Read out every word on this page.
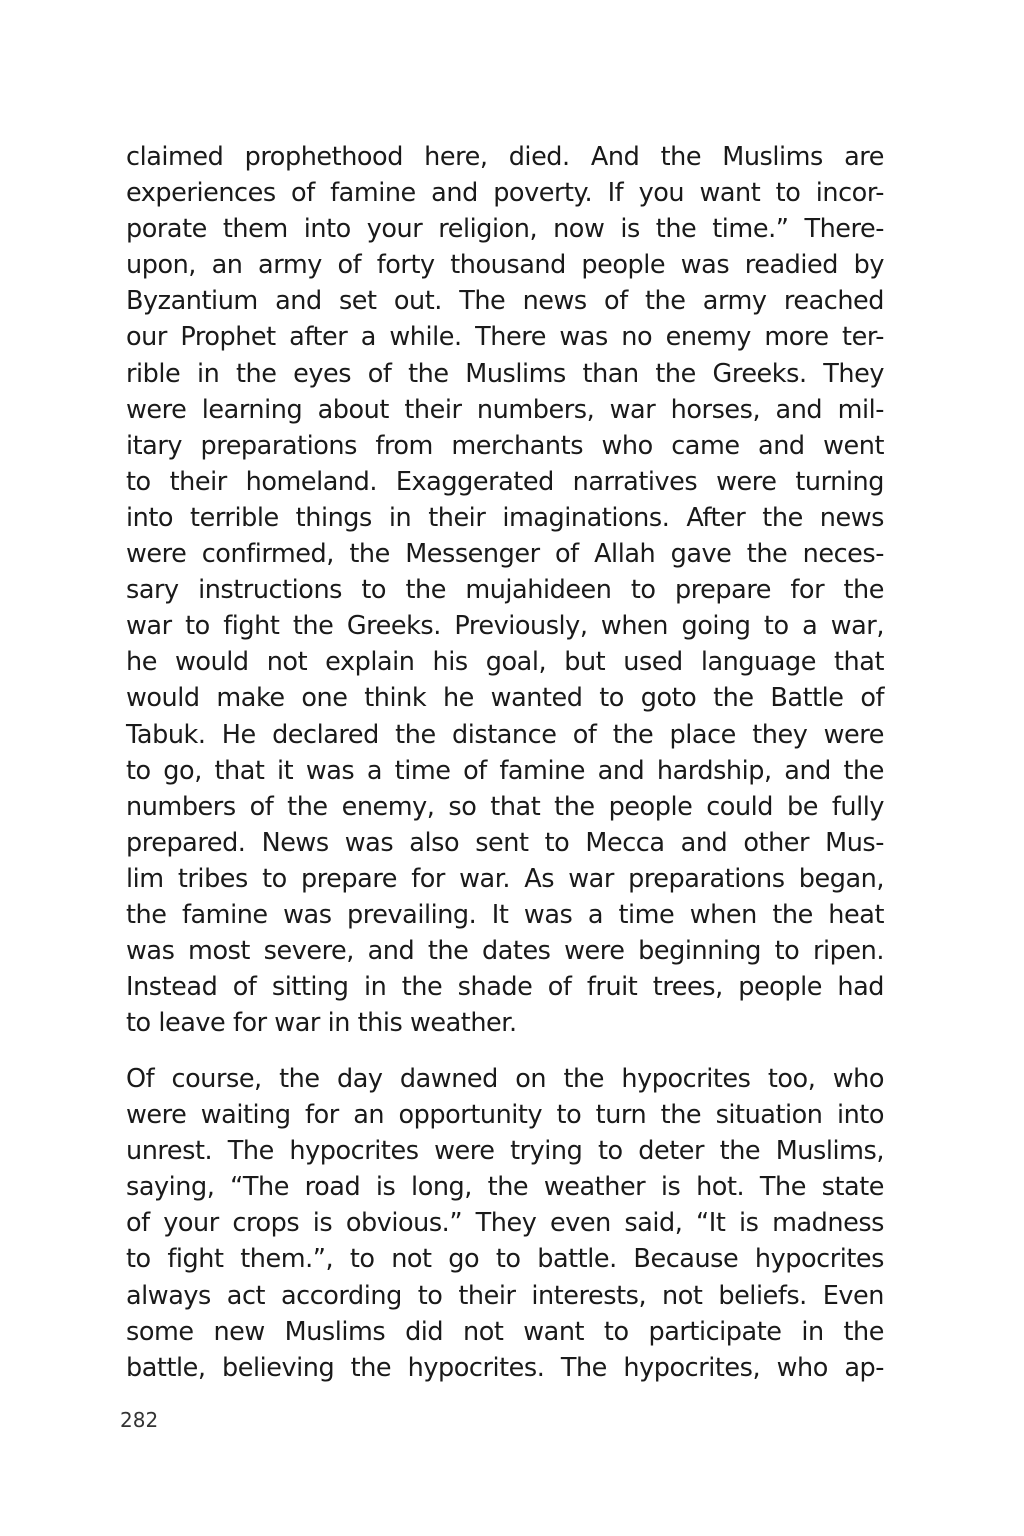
claimed prophethood here, died. And the Muslims are
experiences of famine and poverty. If you want to incor-
porate them into your religion, now is the time.” There-
upon, an army of forty thousand people was readied by
Byzantium and set out. The news of the army reached
our Prophet after a while. There was no enemy more ter-
rible in the eyes of the Muslims than the Greeks. They
were learning about their numbers, war horses, and mil-
itary preparations from merchants who came and went
to their homeland. Exaggerated narratives were turning
into terrible things in their imaginations. After the news
were confirmed, the Messenger of Allah gave the neces-
sary instructions to the mujahideen to prepare for the
war to fight the Greeks. Previously, when going to a war,
he would not explain his goal, but used language that
would make one think he wanted to goto the Battle of
Tabuk. He declared the distance of the place they were
to go, that it was a time of famine and hardship, and the
numbers of the enemy, so that the people could be fully
prepared. News was also sent to Mecca and other Mus-
lim tribes to prepare for war. As war preparations began,
the famine was prevailing. It was a time when the heat
was most severe, and the dates were beginning to ripen.
Instead of sitting in the shade of fruit trees, people had
to leave for war in this weather.
Of course, the day dawned on the hypocrites too, who
were waiting for an opportunity to turn the situation into
unrest. The hypocrites were trying to deter the Muslims,
saying, “The road is long, the weather is hot. The state
of your crops is obvious.” They even said, “It is madness
to fight them.”, to not go to battle. Because hypocrites
always act according to their interests, not beliefs. Even
some new Muslims did not want to participate in the
battle, believing the hypocrites. The hypocrites, who ap-
282
